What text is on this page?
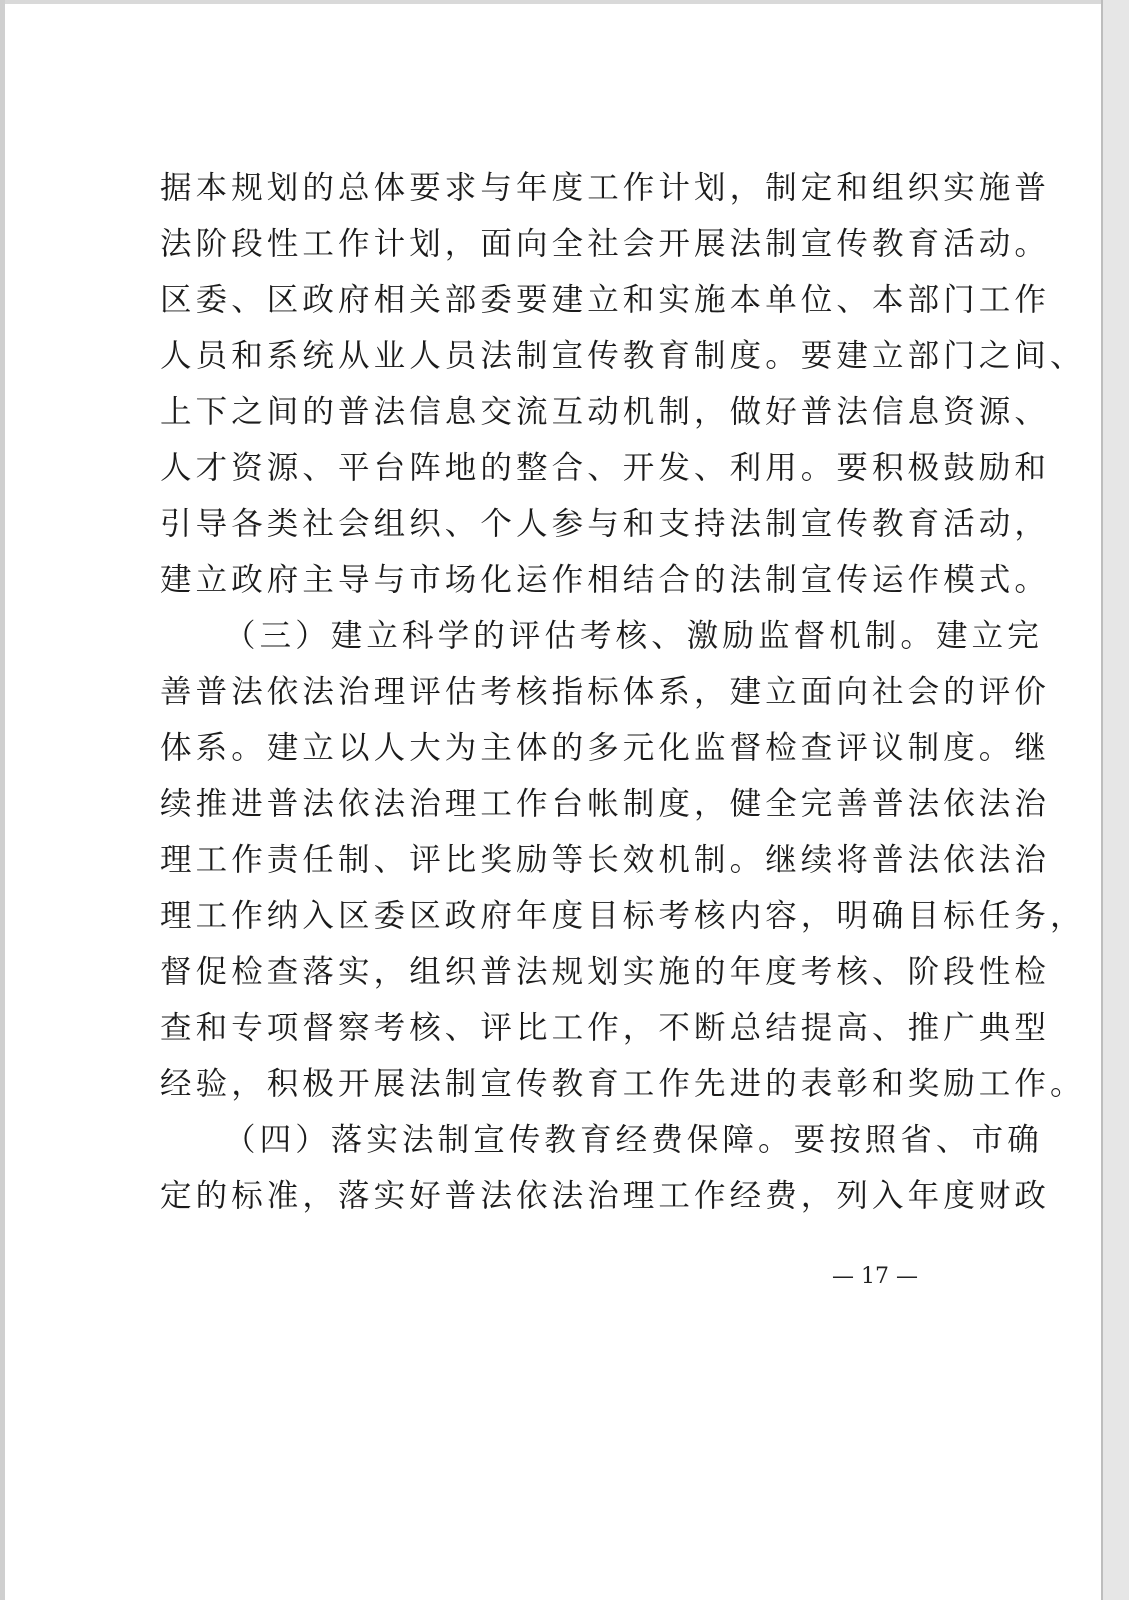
据本规划的总体要求与年度工作计划，制定和组织实施普
法阶段性工作计划，面向全社会开展法制宣传教育活动。
区委、区政府相关部委要建立和实施本单位、本部门工作
人员和系统从业人员法制宣传教育制度。要建立部门之间、
上下之间的普法信息交流互动机制，做好普法信息资源、
人才资源、平台阵地的整合、开发、利用。要积极鼓励和
引导各类社会组织、个人参与和支持法制宣传教育活动，
建立政府主导与市场化运作相结合的法制宣传运作模式。
（三）建立科学的评估考核、激励监督机制。建立完
善普法依法治理评估考核指标体系，建立面向社会的评价
体系。建立以人大为主体的多元化监督检查评议制度。继
续推进普法依法治理工作台帐制度，健全完善普法依法治
理工作责任制、评比奖励等长效机制。继续将普法依法治
理工作纳入区委区政府年度目标考核内容，明确目标任务，
督促检查落实，组织普法规划实施的年度考核、阶段性检
查和专项督察考核、评比工作，不断总结提高、推广典型
经验，积极开展法制宣传教育工作先进的表彰和奖励工作。
（四）落实法制宣传教育经费保障。要按照省、市确
定的标准，落实好普法依法治理工作经费，列入年度财政
— 17 —
